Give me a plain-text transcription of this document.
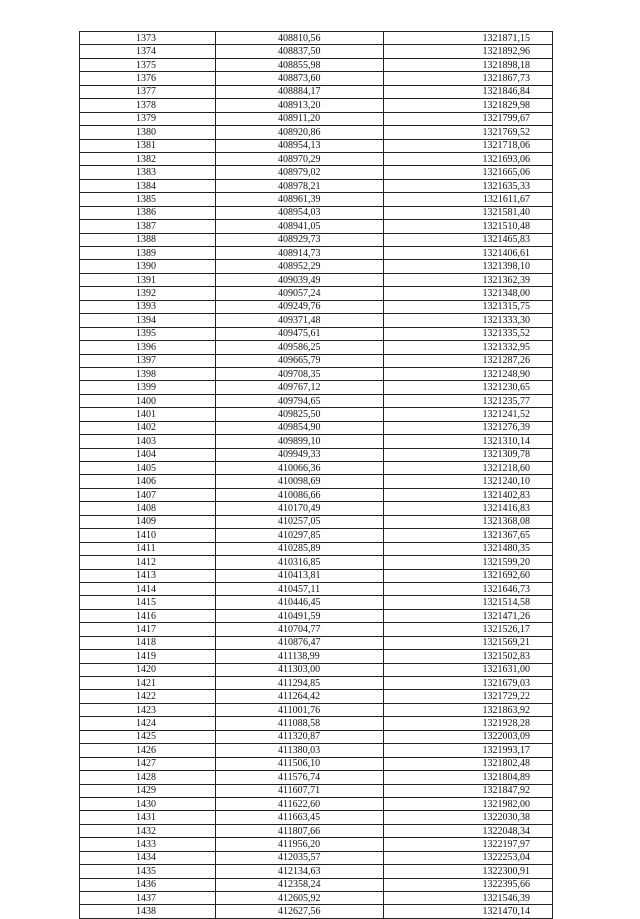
1373	408810,56	1321871,15
1374	408837,50	1321892,96
1375	408855,98	1321898,18
1376	408873,60	1321867,73
1377	408884,17	1321846,84
1378	408913,20	1321829,98
1379	408911,20	1321799,67
1380	408920,86	1321769,52
1381	408954,13	1321718,06
1382	408970,29	1321693,06
1383	408979,02	1321665,06
1384	408978,21	1321635,33
1385	408961,39	1321611,67
1386	408954,03	1321581,40
1387	408941,05	1321510,48
1388	408929,73	1321465,83
1389	408914,73	1321406,61
1390	408952,29	1321398,10
1391	409039,49	1321362,39
1392	409057,24	1321348,00
1393	409249,76	1321315,75
1394	409371,48	1321333,30
1395	409475,61	1321335,52
1396	409586,25	1321332,95
1397	409665,79	1321287,26
1398	409708,35	1321248,90
1399	409767,12	1321230,65
1400	409794,65	1321235,77
1401	409825,50	1321241,52
1402	409854,90	1321276,39
1403	409899,10	1321310,14
1404	409949,33	1321309,78
1405	410066,36	1321218,60
1406	410098,69	1321240,10
1407	410086,66	1321402,83
1408	410170,49	1321416,83
1409	410257,05	1321368,08
1410	410297,85	1321367,65
1411	410285,89	1321480,35
1412	410316,85	1321599,20
1413	410413,81	1321692,60
1414	410457,11	1321646,73
1415	410446,45	1321514,58
1416	410491,59	1321471,26
1417	410704,77	1321526,17
1418	410876,47	1321569,21
1419	411138,99	1321502,83
1420	411303,00	1321631,00
1421	411294,85	1321679,03
1422	411264,42	1321729,22
1423	411001,76	1321863,92
1424	411088,58	1321928,28
1425	411320,87	1322003,09
1426	411380,03	1321993,17
1427	411506,10	1321802,48
1428	411576,74	1321804,89
1429	411607,71	1321847,92
1430	411622,60	1321982,00
1431	411663,45	1322030,38
1432	411807,66	1322048,34
1433	411956,20	1322197,97
1434	412035,57	1322253,04
1435	412134,63	1322300,91
1436	412358,24	1322395,66
1437	412605,92	1321546,39
1438	412627,56	1321470,14
